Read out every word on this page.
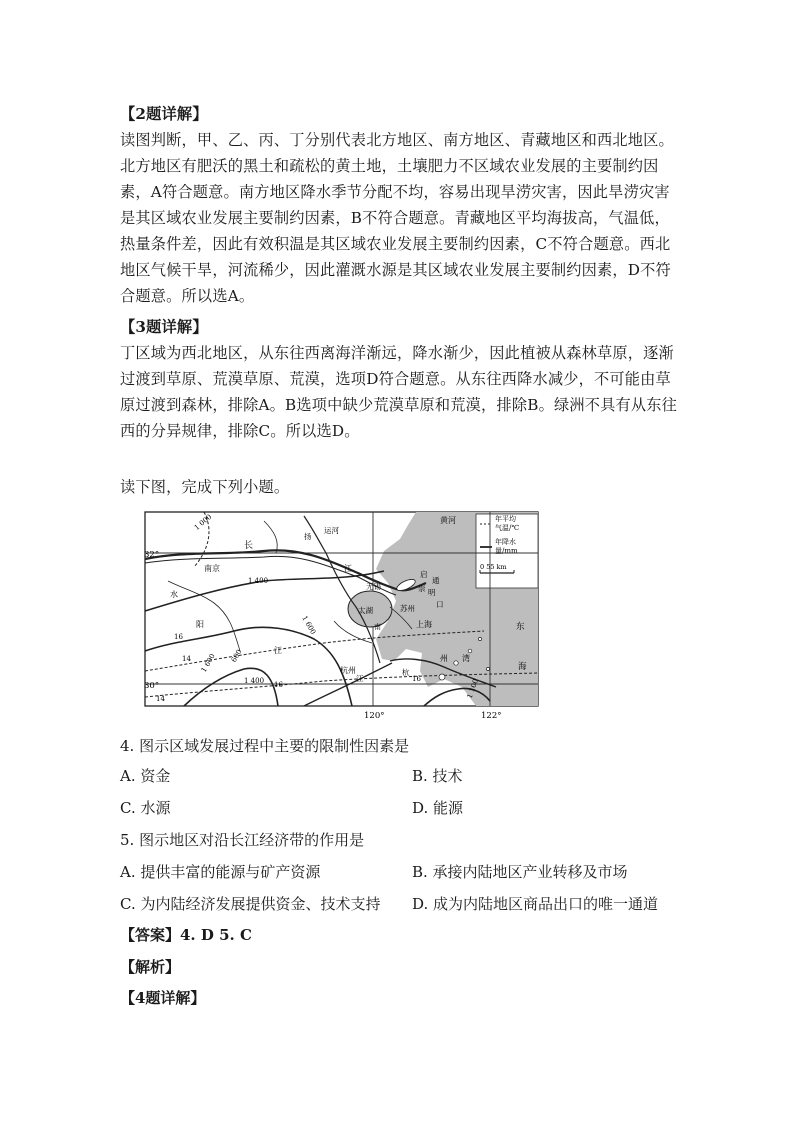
【2题详解】

读图判断，甲、乙、丙、丁分别代表北方地区、南方地区、青藏地区和西北地区。北方地区有肥沃的黑土和疏松的黄土地，土壤肥力不区域农业发展的主要制约因素，A符合题意。南方地区降水季节分配不均，容易出现旱涝灾害，因此旱涝灾害是其区域农业发展主要制约因素，B不符合题意。青藏地区平均海拔高，气温低，热量条件差，因此有效积温是其区域农业发展主要制约因素，C不符合题意。西北地区气候干旱，河流稀少，因此灌溉水源是其区域农业发展主要制约因素，D不符合题意。所以选A。

【3题详解】

丁区域为西北地区，从东往西离海洋渐远，降水渐少，因此植被从森林草原，逐渐过渡到草原、荒漠草原、荒漠，选项D符合题意。从东往西降水减少，不可能由草原过渡到森林，排除A。B选项中缺少荒漠草原和荒漠，排除B。绿洲不具有从东往西的分异规律，排除C。所以选D。

读下图，完成下列小题。

年平均
气温/℃
年降水
量/mm
0 55 km
32°
30°
120°	122°
黄河
运河
长
江
南京
无锡
苏州
上海
太湖
杭州
水
阳
州 湾
东
海
启
崇 明
杭
江
江
南
通
扬
口
1 000
1 600
1 400
16
14
16
600
1 600
1 400	1 100
16
14
4. 图示区域发展过程中主要的限制性因素是
A. 资金	B. 技术
C. 水源	D. 能源
5. 图示地区对沿长江经济带的作用是
A. 提供丰富的能源与矿产资源	B. 承接内陆地区产业转移及市场
C. 为内陆经济发展提供资金、技术支持 D. 成为内陆地区商品出口的唯一通道
【答案】4. D 5. C
【解析】
【4题详解】
